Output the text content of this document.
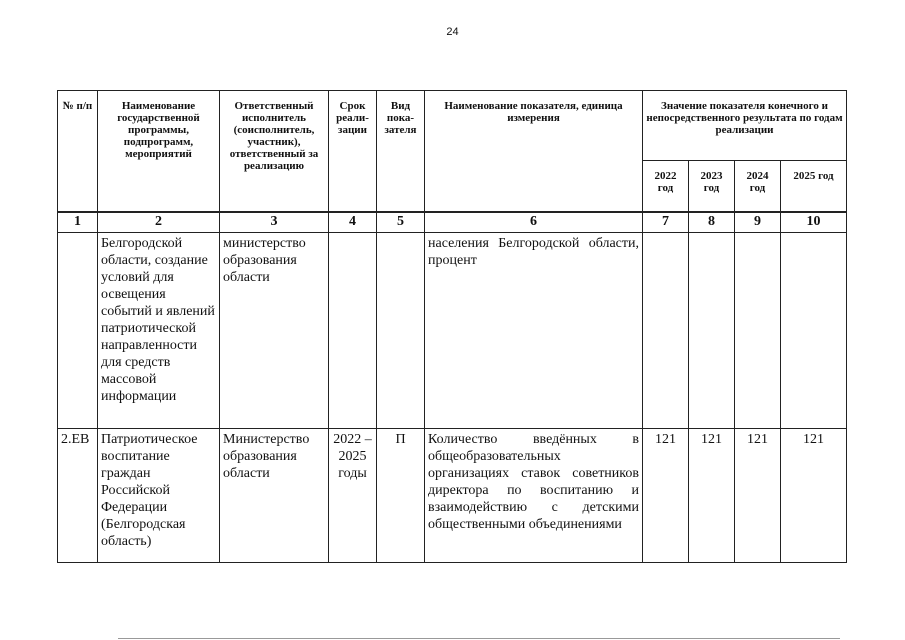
24
№ п/п	Наименование государственной программы, подпрограмм, мероприятий	Ответственный исполнитель (соисполнитель, участник), ответственный за реализацию	Срок реали- зации	Вид пока- зателя	Наименование показателя, единица измерения	Значение показателя конечного и непосредственного результата по годам реализации			
						2022 год	2023 год	2024 год	2025 год
1	2	3	4	5	6	7	8	9	10
	Белгородской области, создание условий для освещения событий и явлений патриотической направленности для средств массовой информации	министерство образования области			населения Белгородской области, процент				
2.ЕВ	Патриотическое воспитание граждан Российской Федерации (Белгородская область)	Министерство образования области	2022 – 2025 годы	П	Количество введённых в общеобразовательных организациях ставок советников директора по воспитанию и взаимодействию с детскими общественными объединениями	121	121	121	121
